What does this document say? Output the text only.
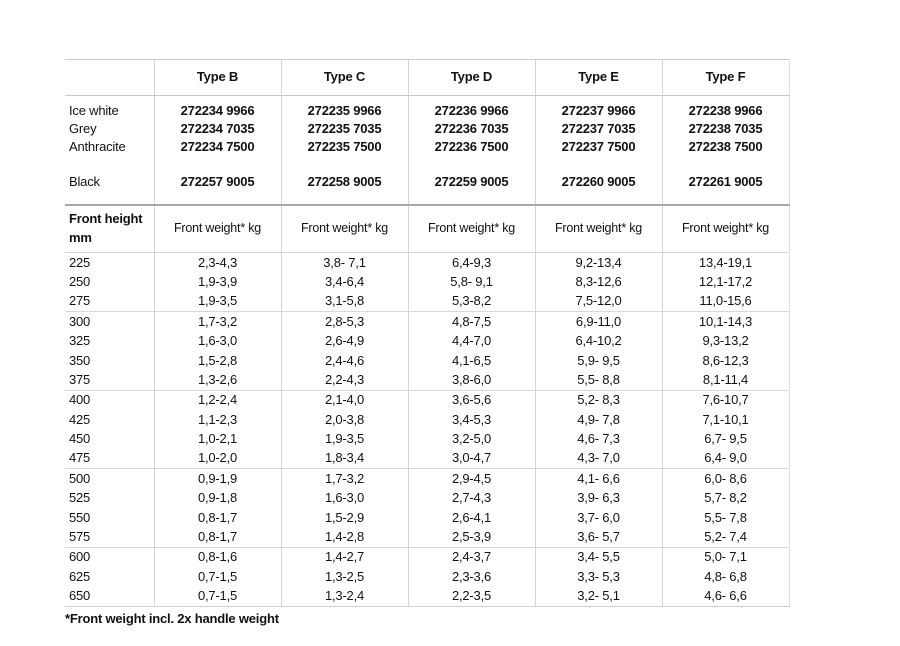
	Type B	Type C	Type D	Type E	Type F
Ice white	272234 9966	272235 9966	272236 9966	272237 9966	272238 9966
Grey	272234 7035	272235 7035	272236 7035	272237 7035	272238 7035
Anthracite	272234 7500	272235 7500	272236 7500	272237 7500	272238 7500

Black	272257 9005	272258 9005	272259 9005	272260 9005	272261 9005

Front height
mm	Front weight* kg	Front weight* kg	Front weight* kg	Front weight* kg	Front weight* kg
225	2,3-4,3	3,8- 7,1	6,4-9,3	9,2-13,4	13,4-19,1
250	1,9-3,9	3,4-6,4	5,8- 9,1	8,3-12,6	12,1-17,2
275	1,9-3,5	3,1-5,8	5,3-8,2	7,5-12,0	11,0-15,6
300	1,7-3,2	2,8-5,3	4,8-7,5	6,9-11,0	10,1-14,3
325	1,6-3,0	2,6-4,9	4,4-7,0	6,4-10,2	9,3-13,2
350	1,5-2,8	2,4-4,6	4,1-6,5	5,9- 9,5	8,6-12,3
375	1,3-2,6	2,2-4,3	3,8-6,0	5,5- 8,8	8,1-11,4
400	1,2-2,4	2,1-4,0	3,6-5,6	5,2- 8,3	7,6-10,7
425	1,1-2,3	2,0-3,8	3,4-5,3	4,9- 7,8	7,1-10,1
450	1,0-2,1	1,9-3,5	3,2-5,0	4,6- 7,3	6,7- 9,5
475	1,0-2,0	1,8-3,4	3,0-4,7	4,3- 7,0	6,4- 9,0
500	0,9-1,9	1,7-3,2	2,9-4,5	4,1- 6,6	6,0- 8,6
525	0,9-1,8	1,6-3,0	2,7-4,3	3,9- 6,3	5,7- 8,2
550	0,8-1,7	1,5-2,9	2,6-4,1	3,7- 6,0	5,5- 7,8
575	0,8-1,7	1,4-2,8	2,5-3,9	3,6- 5,7	5,2- 7,4
600	0,8-1,6	1,4-2,7	2,4-3,7	3,4- 5,5	5,0- 7,1
625	0,7-1,5	1,3-2,5	2,3-3,6	3,3- 5,3	4,8- 6,8
650	0,7-1,5	1,3-2,4	2,2-3,5	3,2- 5,1	4,6- 6,6
*Front weight incl. 2x handle weight
